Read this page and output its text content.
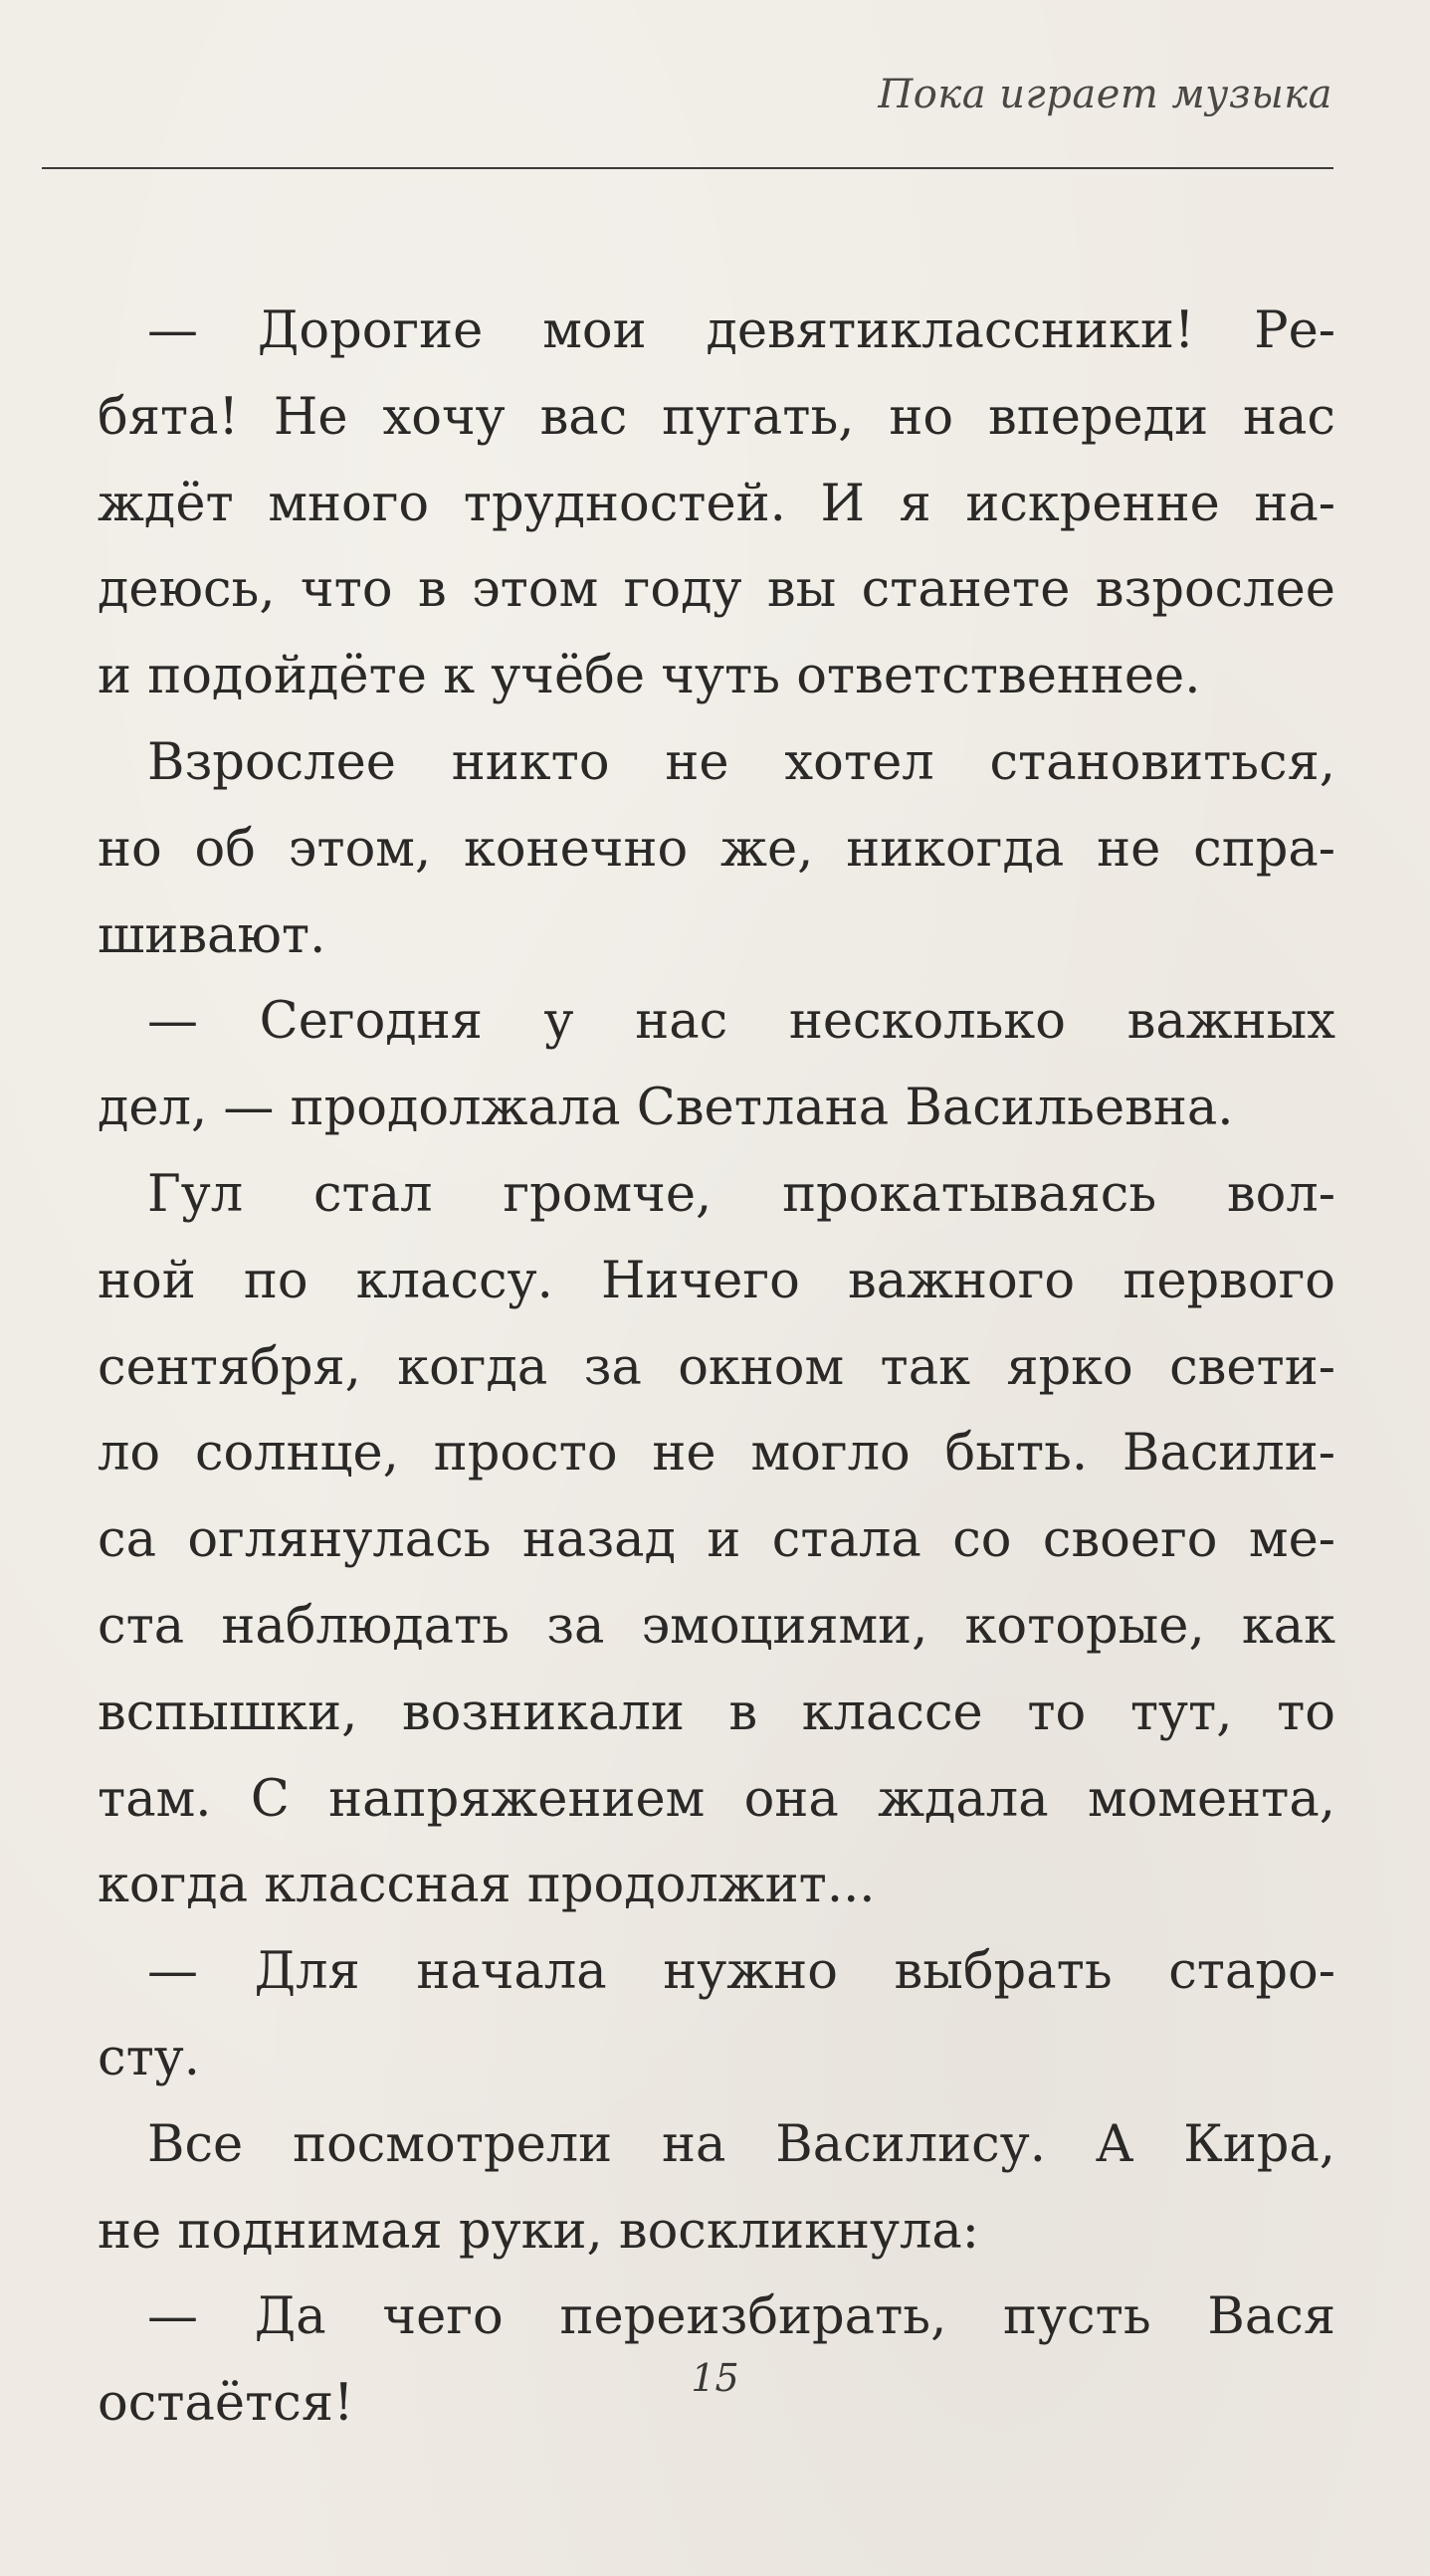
Пока играет музыка
— Дорогие мои девятиклассники! Ре-
бята! Не хочу вас пугать, но впереди нас
ждёт много трудностей. И я искренне на-
деюсь, что в этом году вы станете взрослее
и подойдёте к учёбе чуть ответственнее.
Взрослее никто не хотел становиться,
но об этом, конечно же, никогда не спра-
шивают.
— Сегодня у нас несколько важных
дел, — продолжала Светлана Васильевна.
Гул стал громче, прокатываясь вол-
ной по классу. Ничего важного первого
сентября, когда за окном так ярко свети-
ло солнце, просто не могло быть. Васили-
са оглянулась назад и стала со своего ме-
ста наблюдать за эмоциями, которые, как
вспышки, возникали в классе то тут, то
там. С напряжением она ждала момента,
когда классная продолжит...
— Для начала нужно выбрать старо-
сту.
Все посмотрели на Василису. А Кира,
не поднимая руки, воскликнула:
— Да чего переизбирать, пусть Вася
остаётся!	15
